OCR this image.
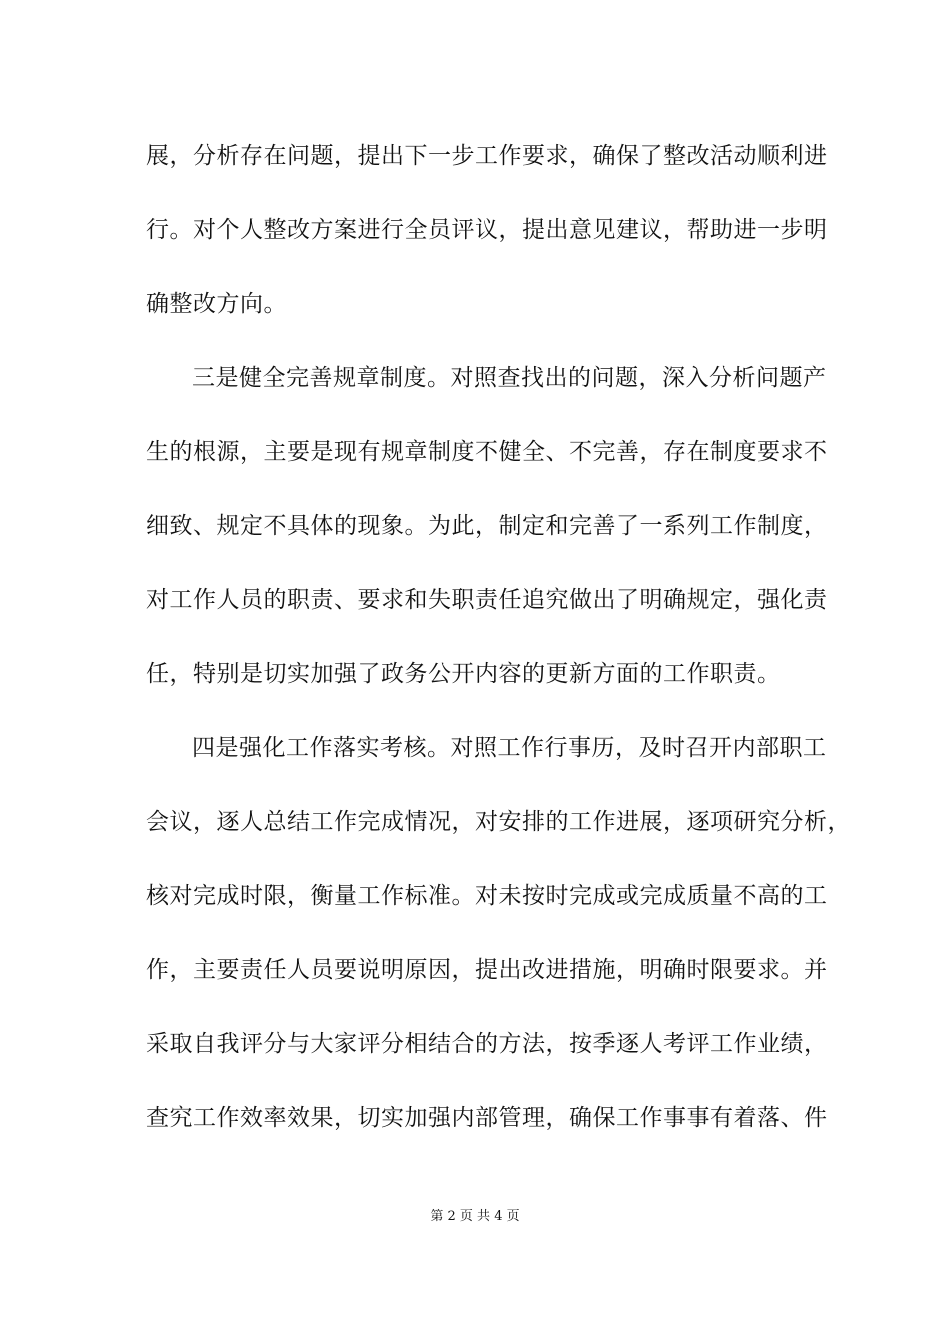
展，分析存在问题，提出下一步工作要求，确保了整改活动顺利进
行。对个人整改方案进行全员评议，提出意见建议，帮助进一步明
确整改方向。
三是健全完善规章制度。对照查找出的问题，深入分析问题产
生的根源，主要是现有规章制度不健全、不完善，存在制度要求不
细致、规定不具体的现象。为此，制定和完善了一系列工作制度，
对工作人员的职责、要求和失职责任追究做出了明确规定，强化责
任，特别是切实加强了政务公开内容的更新方面的工作职责。
四是强化工作落实考核。对照工作行事历，及时召开内部职工
会议，逐人总结工作完成情况，对安排的工作进展，逐项研究分析，
核对完成时限，衡量工作标准。对未按时完成或完成质量不高的工
作，主要责任人员要说明原因，提出改进措施，明确时限要求。并
采取自我评分与大家评分相结合的方法，按季逐人考评工作业绩，
查究工作效率效果，切实加强内部管理，确保工作事事有着落、件
第 2 页 共 4 页
